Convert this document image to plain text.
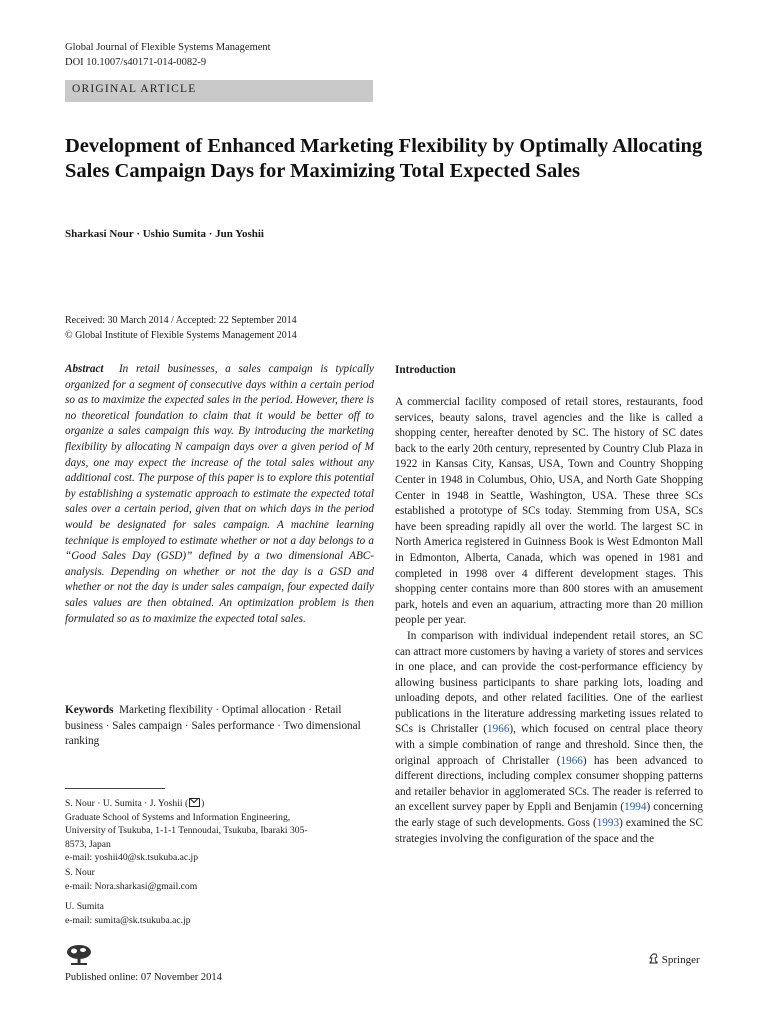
Global Journal of Flexible Systems Management
DOI 10.1007/s40171-014-0082-9
ORIGINAL ARTICLE
Development of Enhanced Marketing Flexibility by Optimally Allocating Sales Campaign Days for Maximizing Total Expected Sales
Sharkasi Nour · Ushio Sumita · Jun Yoshii
Received: 30 March 2014 / Accepted: 22 September 2014
© Global Institute of Flexible Systems Management 2014
Abstract In retail businesses, a sales campaign is typically organized for a segment of consecutive days within a certain period so as to maximize the expected sales in the period. However, there is no theoretical foundation to claim that it would be better off to organize a sales campaign this way. By introducing the marketing flexibility by allocating N campaign days over a given period of M days, one may expect the increase of the total sales without any additional cost. The purpose of this paper is to explore this potential by establishing a systematic approach to estimate the expected total sales over a certain period, given that on which days in the period would be designated for sales campaign. A machine learning technique is employed to estimate whether or not a day belongs to a “Good Sales Day (GSD)” defined by a two dimensional ABC-analysis. Depending on whether or not the day is a GSD and whether or not the day is under sales campaign, four expected daily sales values are then obtained. An optimization problem is then formulated so as to maximize the expected total sales.
Keywords Marketing flexibility · Optimal allocation · Retail business · Sales campaign · Sales performance · Two dimensional ranking
S. Nour · U. Sumita · J. Yoshii ( )
Graduate School of Systems and Information Engineering,
University of Tsukuba, 1-1-1 Tennoudai, Tsukuba, Ibaraki 305-
8573, Japan
e-mail: yoshii40@sk.tsukuba.ac.jp
S. Nour
e-mail: Nora.sharkasi@gmail.com
U. Sumita
e-mail: sumita@sk.tsukuba.ac.jp
Introduction

A commercial facility composed of retail stores, restaurants, food services, beauty salons, travel agencies and the like is called a shopping center, hereafter denoted by SC. The history of SC dates back to the early 20th century, represented by Country Club Plaza in 1922 in Kansas City, Kansas, USA, Town and Country Shopping Center in 1948 in Columbus, Ohio, USA, and North Gate Shopping Center in 1948 in Seattle, Washington, USA. These three SCs established a prototype of SCs today. Stemming from USA, SCs have been spreading rapidly all over the world. The largest SC in North America registered in Guinness Book is West Edmonton Mall in Edmonton, Alberta, Canada, which was opened in 1981 and completed in 1998 over 4 different development stages. This shopping center contains more than 800 stores with an amusement park, hotels and even an aquarium, attracting more than 20 million people per year.

In comparison with individual independent retail stores, an SC can attract more customers by having a variety of stores and services in one place, and can provide the cost-performance efficiency by allowing business participants to share parking lots, loading and unloading depots, and other related facilities. One of the earliest publications in the literature addressing marketing issues related to SCs is Christaller (1966), which focused on central place theory with a simple combination of range and threshold. Since then, the original approach of Christaller (1966) has been advanced to different directions, including complex consumer shopping patterns and retailer behavior in agglomerated SCs. The reader is referred to an excellent survey paper by Eppli and Benjamin (1994) concerning the early stage of such developments. Goss (1993) examined the SC strategies involving the configuration of the space and the

Springer
Published online: 07 November 2014
